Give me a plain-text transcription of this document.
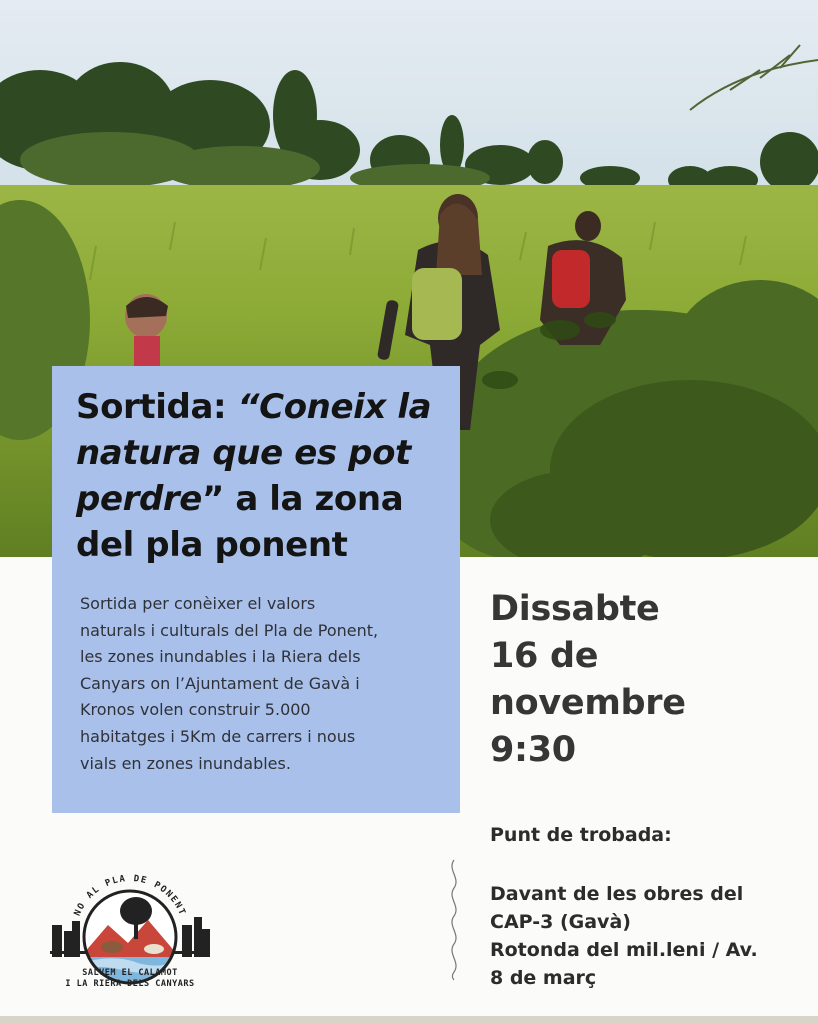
Sortida: “Coneix la natura que es pot perdre” a la zona del pla ponent

Sortida per conèixer el valors
naturals i culturals del Pla de Ponent,
les zones inundables i la Riera dels
Canyars on l’Ajuntament de Gavà i
Kronos volen construir 5.000
habitatges i 5Km de carrers i nous
vials en zones inundables.

Dissabte
16 de
novembre
9:30

Punt de trobada:

Davant de les obres del
CAP-3 (Gavà)
Rotonda del mil.leni / Av.
8 de març
NO AL PLA DE PONENT
SALVEM EL CALAMOT
I LA RIERA DELS CANYARS
